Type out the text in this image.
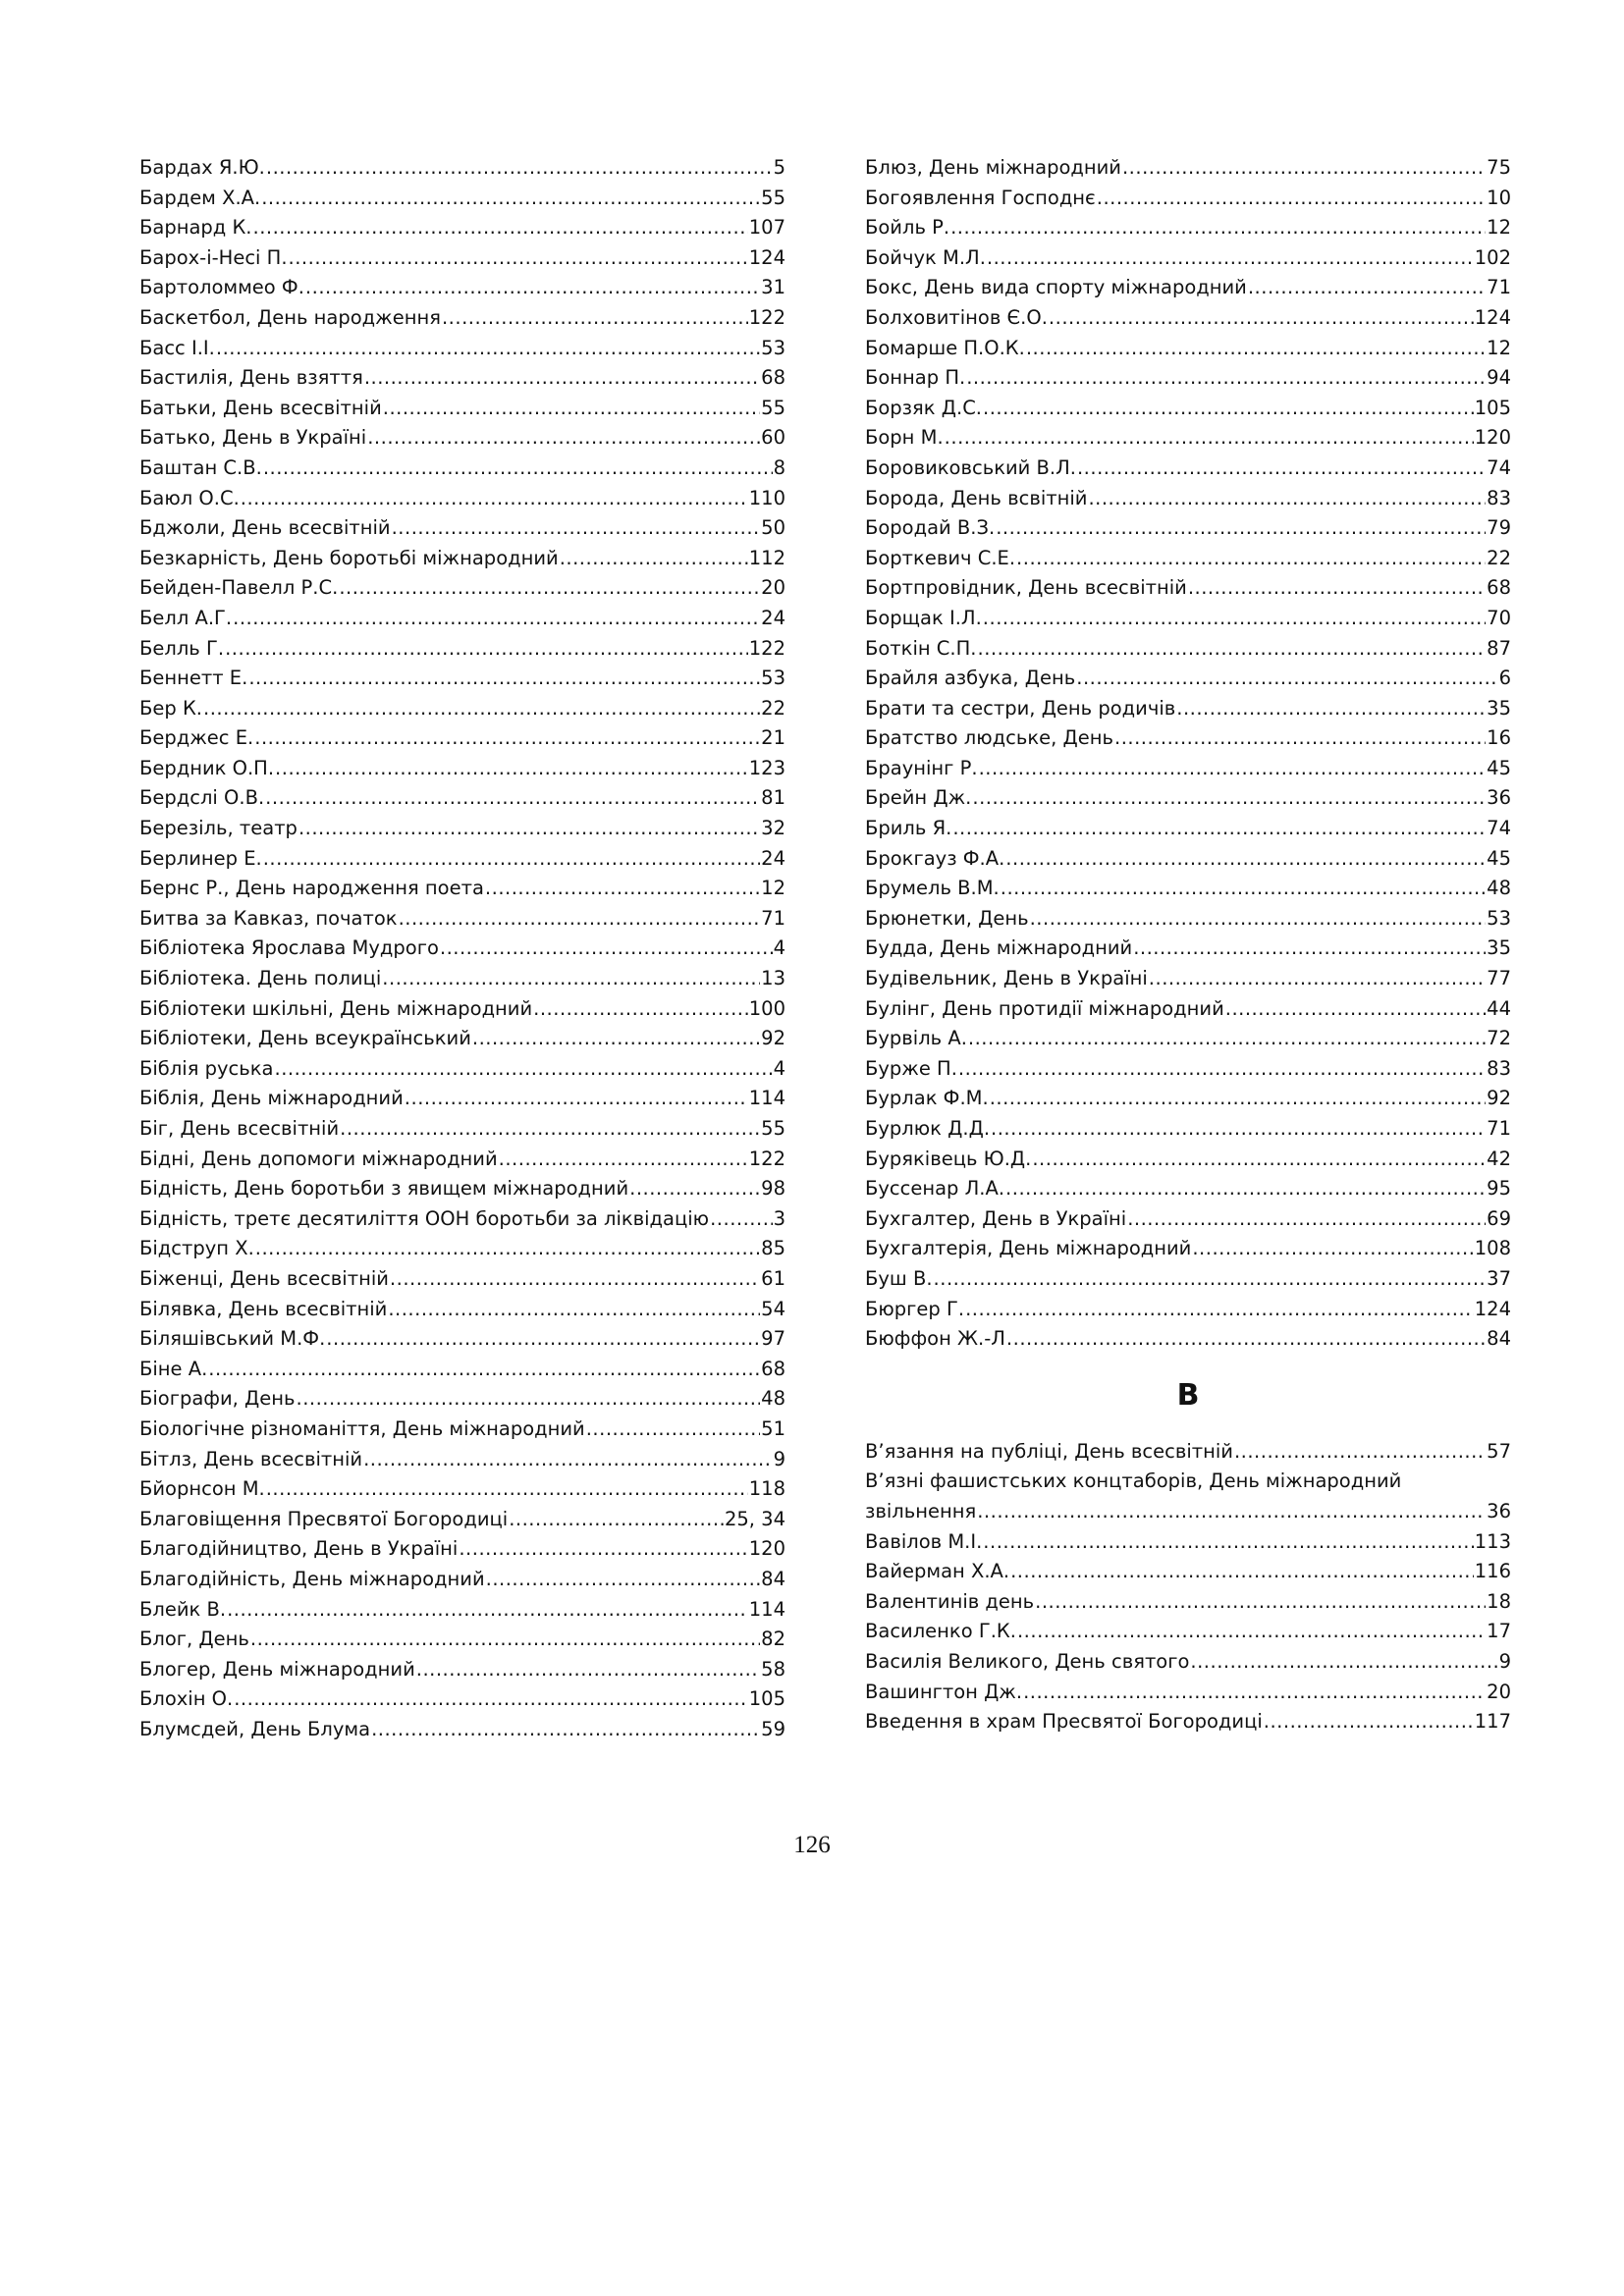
Бардах Я.Ю. .....	5
Бардем Х.А. .....	55
Барнард К. .....	107
Барох-і-Несі П. .....	124
Бартоломмео Ф. .....	31
Баскетбол, День народження .....	122
Басс І.І. .....	53
Бастилія, День взяття .....	68
Батьки, День всесвітній .....	55
Батько, День в Україні .....	60
Баштан С.В. .....	8
Баюл О.С. .....	110
Бджоли, День всесвітній .....	50
Безкарність, День боротьбі міжнародний .....	112
Бейден-Павелл Р.С. .....	20
Белл А.Г. .....	24
Белль Г. .....	122
Беннетт Е. .....	53
Бер К. .....	22
Берджес Е. .....	21
Бердник О.П. .....	123
Бердслі О.В. .....	81
Березіль, театр .....	32
Берлинер Е. .....	24
Бернс Р., День народження поета .....	12
Битва за Кавказ, початок .....	71
Бібліотека Ярослава Мудрого .....	4
Бібліотека. День полиці .....	13
Бібліотеки шкільні, День міжнародний .....	100
Бібліотеки, День всеукраїнський .....	92
Біблія руська .....	4
Біблія, День міжнародний .....	114
Біг, День всесвітній .....	55
Бідні, День допомоги міжнародний .....	122
Бідність, День боротьби з явищем міжнародний .....	98
Бідність, третє десятиліття ООН боротьби за ліквідацію .....	3
Бідструп Х. .....	85
Біженці, День всесвітній .....	61
Білявка, День всесвітній .....	54
Біляшівський М.Ф. .....	97
Біне А. .....	68
Біографи, День .....	48
Біологічне різноманіття, День міжнародний .....	51
Бітлз, День всесвітній .....	9
Бйорнсон М. .....	118
Благовіщення Пресвятої Богородиці .....	25, 34
Благодійництво, День в Україні .....	120
Благодійність, День міжнародний .....	84
Блейк В. .....	114
Блог, День .....	82
Блогер, День міжнародний .....	58
Блохін О. .....	105
Блумсдей, День Блума .....	59
Блюз, День міжнародний .....	75
Богоявлення Господнє .....	10
Бойль Р. .....	12
Бойчук М.Л. .....	102
Бокс, День вида спорту міжнародний .....	71
Болховитінов Є.О. .....	124
Бомарше П.О.К. .....	12
Боннар П. .....	94
Борзяк Д.С. .....	105
Борн М. .....	120
Боровиковський В.Л. .....	74
Борода, День всвітній .....	83
Бородай В.З. .....	79
Борткевич С.Е. .....	22
Бортпровідник, День всесвітній .....	68
Борщак І.Л. .....	70
Боткін С.П. .....	87
Брайля азбука, День .....	6
Брати та сестри, День родичів .....	35
Братство людське, День .....	16
Браунінг Р. .....	45
Брейн Дж. .....	36
Бриль Я. .....	74
Брокгауз Ф.А. .....	45
Брумель В.М. .....	48
Брюнетки, День .....	53
Будда, День міжнародний .....	35
Будівельник, День в Україні .....	77
Булінг, День протидії міжнародний .....	44
Бурвіль А. .....	72
Бурже П. .....	83
Бурлак Ф.М. .....	92
Бурлюк Д.Д. .....	71
Буряківець Ю.Д. .....	42
Буссенар Л.А. .....	95
Бухгалтер, День в Україні .....	69
Бухгалтерія, День міжнародний .....	108
Буш В. .....	37
Бюргер Г. .....	124
Бюффон Ж.-Л .....	84
В
В’язання на публіці, День всесвітній .....	57
В’язні фашистських концтаборів, День міжнародний
звільнення .....	36
Вавілов М.І. .....	113
Вайерман Х.А. .....	116
Валентинів день .....	18
Василенко Г.К. .....	17
Василія Великого, День святого .....	9
Вашингтон Дж. .....	20
Введення в храм Пресвятої Богородиці .....	117
126
